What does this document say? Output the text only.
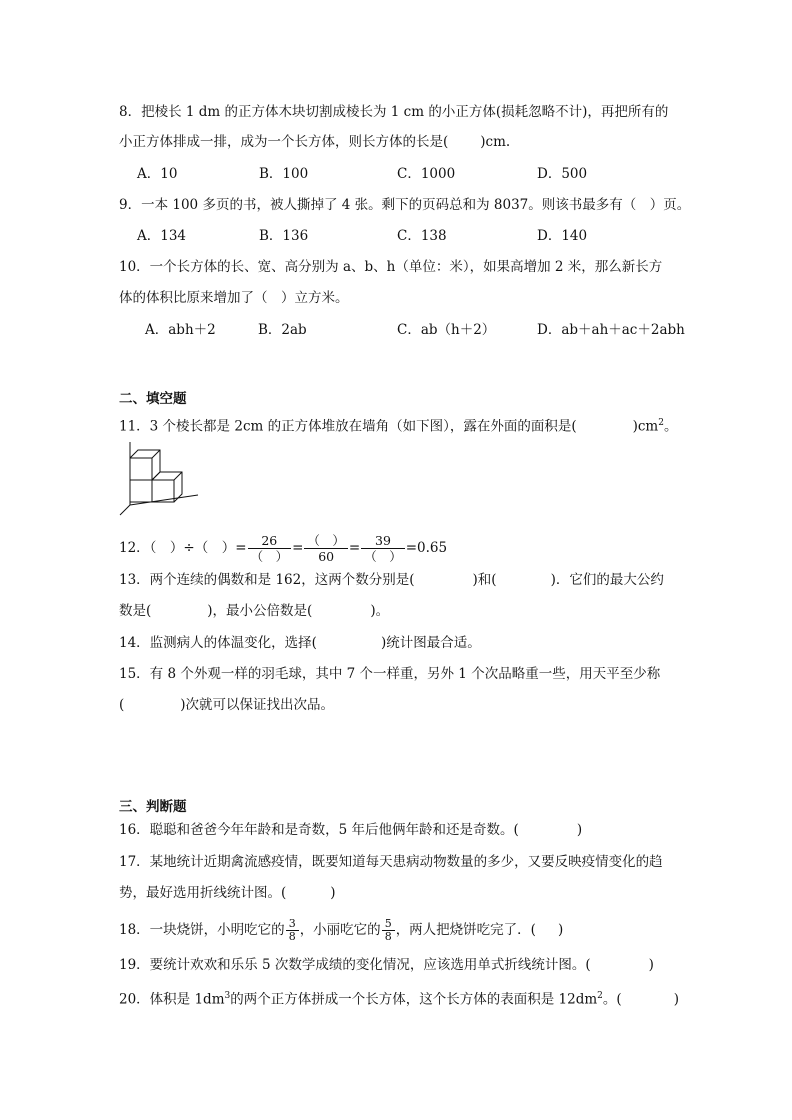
8．把棱长 1 dm 的正方体木块切割成棱长为 1 cm 的小正方体(损耗忽略不计)，再把所有的
小正方体排成一排，成为一个长方体，则长方体的长是( )cm.
A．10	B．100	C．1000	D．500
9．一本 100 多页的书，被人撕掉了 4 张。剩下的页码总和为 8037。则该书最多有（　）页。
A．134	B．136	C．138	D．140
10．一个长方体的长、宽、高分别为 a、b、h（单位：米），如果高增加 2 米，那么新长方
体的体积比原来增加了（　）立方米。
A．abh＋2	B．2ab	C．ab（h＋2）	D．ab＋ah＋ac＋2abh
二、填空题
11．3 个棱长都是 2cm 的正方体堆放在墙角（如下图），露在外面的面积是(	)$cm^2$。
12．（　）÷（　）= $\frac{26}{( )} = \frac{( )}{60} = \frac{39}{( )} =0.65$
13．两个连续的偶数和是 162，这两个数分别是(	)和(	)．它们的最大公约
数是(	)，最小公倍数是(	)。
14．监测病人的体温变化，选择(	)统计图最合适。
15．有 8 个外观一样的羽毛球，其中 7 个一样重，另外 1 个次品略重一些，用天平至少称
(	)次就可以保证找出次品。
三、判断题
16．聪聪和爸爸今年年龄和是奇数，5 年后他俩年龄和还是奇数。(	)
17．某地统计近期禽流感疫情，既要知道每天患病动物数量的多少，又要反映疫情变化的趋
势，最好选用折线统计图。(	)
18．一块烧饼，小明吃它的 $\frac{3}{8}$ ，小丽吃它的 $\frac{5}{8}$ ，两人把烧饼吃完了．( )
19．要统计欢欢和乐乐 5 次数学成绩的变化情况，应该选用单式折线统计图。(	)
20．体积是 $1dm^3$的两个正方体拼成一个长方体，这个长方体的表面积是 $12dm^2$。(	)
